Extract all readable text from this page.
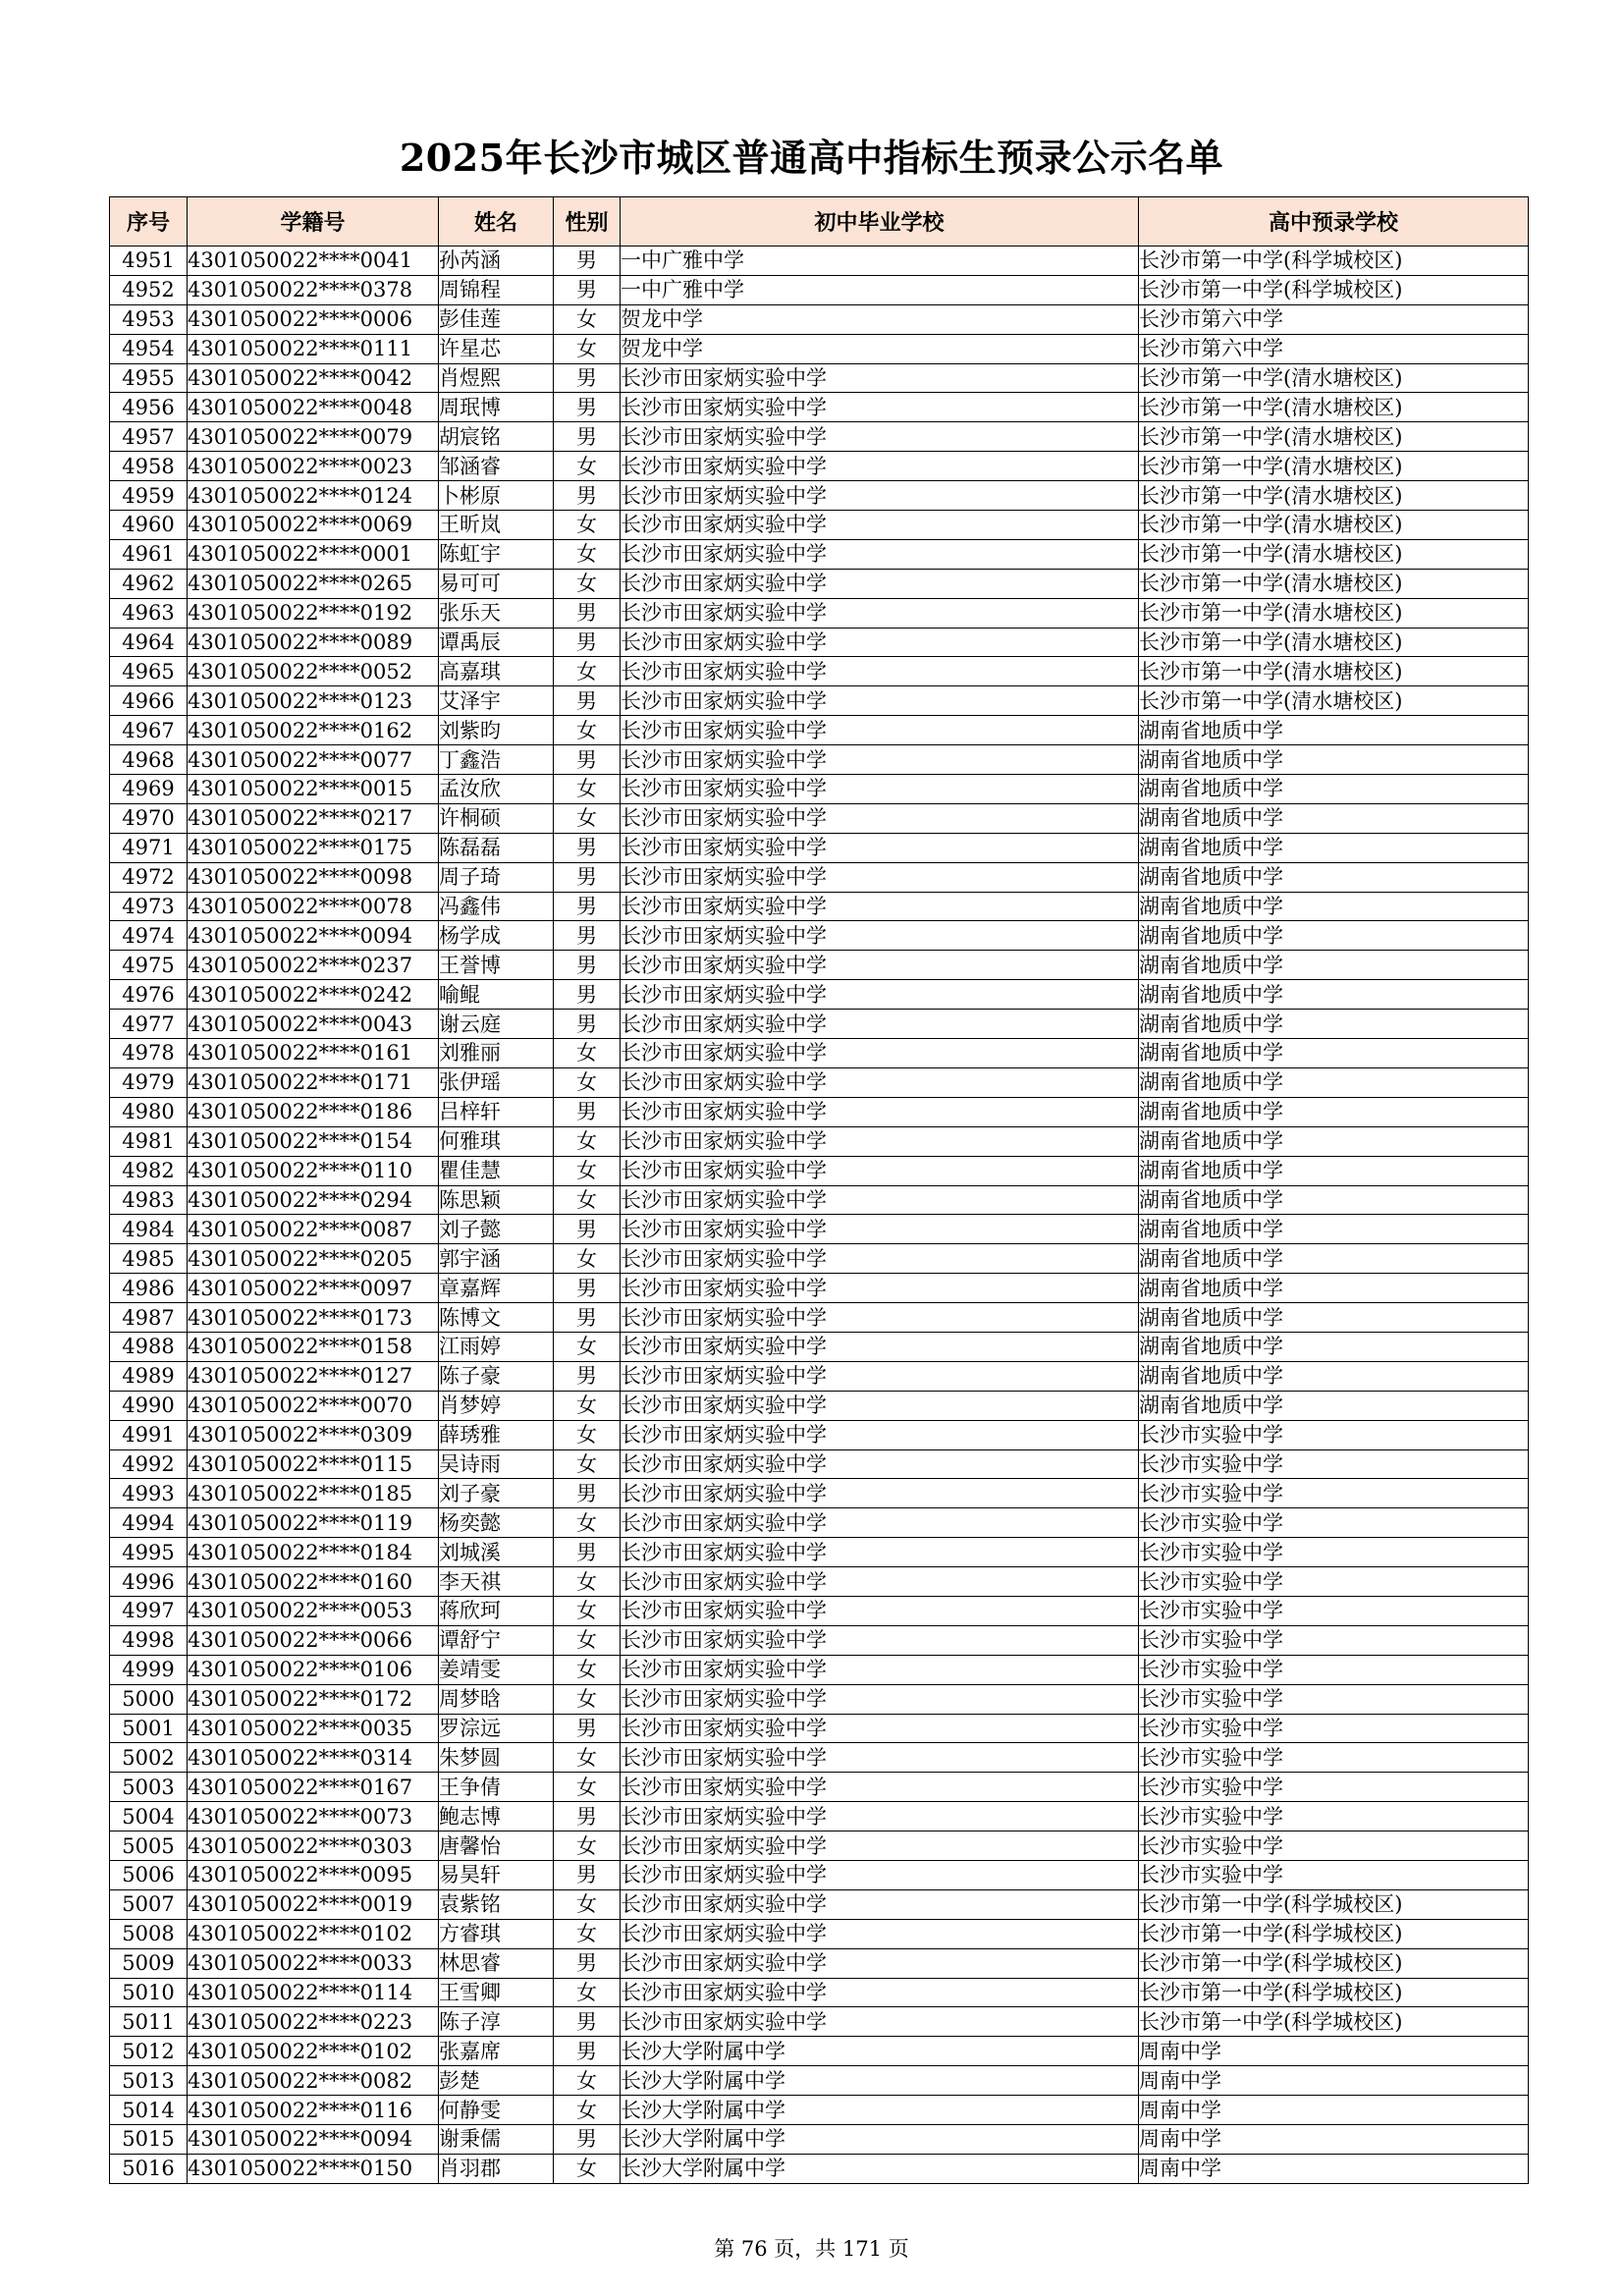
2025年长沙市城区普通高中指标生预录公示名单
序号	学籍号	姓名	性别	初中毕业学校	高中预录学校
4951	4301050022****0041	孙芮涵	男	一中广雅中学	长沙市第一中学(科学城校区)
4952	4301050022****0378	周锦程	男	一中广雅中学	长沙市第一中学(科学城校区)
4953	4301050022****0006	彭佳莲	女	贺龙中学	长沙市第六中学
4954	4301050022****0111	许星芯	女	贺龙中学	长沙市第六中学
4955	4301050022****0042	肖煜熙	男	长沙市田家炳实验中学	长沙市第一中学(清水塘校区)
4956	4301050022****0048	周珉博	男	长沙市田家炳实验中学	长沙市第一中学(清水塘校区)
4957	4301050022****0079	胡宸铭	男	长沙市田家炳实验中学	长沙市第一中学(清水塘校区)
4958	4301050022****0023	邹涵睿	女	长沙市田家炳实验中学	长沙市第一中学(清水塘校区)
4959	4301050022****0124	卜彬原	男	长沙市田家炳实验中学	长沙市第一中学(清水塘校区)
4960	4301050022****0069	王昕岚	女	长沙市田家炳实验中学	长沙市第一中学(清水塘校区)
4961	4301050022****0001	陈虹宇	女	长沙市田家炳实验中学	长沙市第一中学(清水塘校区)
4962	4301050022****0265	易可可	女	长沙市田家炳实验中学	长沙市第一中学(清水塘校区)
4963	4301050022****0192	张乐天	男	长沙市田家炳实验中学	长沙市第一中学(清水塘校区)
4964	4301050022****0089	谭禹辰	男	长沙市田家炳实验中学	长沙市第一中学(清水塘校区)
4965	4301050022****0052	高嘉琪	女	长沙市田家炳实验中学	长沙市第一中学(清水塘校区)
4966	4301050022****0123	艾泽宇	男	长沙市田家炳实验中学	长沙市第一中学(清水塘校区)
4967	4301050022****0162	刘紫昀	女	长沙市田家炳实验中学	湖南省地质中学
4968	4301050022****0077	丁鑫浩	男	长沙市田家炳实验中学	湖南省地质中学
4969	4301050022****0015	孟汝欣	女	长沙市田家炳实验中学	湖南省地质中学
4970	4301050022****0217	许桐硕	女	长沙市田家炳实验中学	湖南省地质中学
4971	4301050022****0175	陈磊磊	男	长沙市田家炳实验中学	湖南省地质中学
4972	4301050022****0098	周子琦	男	长沙市田家炳实验中学	湖南省地质中学
4973	4301050022****0078	冯鑫伟	男	长沙市田家炳实验中学	湖南省地质中学
4974	4301050022****0094	杨学成	男	长沙市田家炳实验中学	湖南省地质中学
4975	4301050022****0237	王誉博	男	长沙市田家炳实验中学	湖南省地质中学
4976	4301050022****0242	喻鲲	男	长沙市田家炳实验中学	湖南省地质中学
4977	4301050022****0043	谢云庭	男	长沙市田家炳实验中学	湖南省地质中学
4978	4301050022****0161	刘雅丽	女	长沙市田家炳实验中学	湖南省地质中学
4979	4301050022****0171	张伊瑶	女	长沙市田家炳实验中学	湖南省地质中学
4980	4301050022****0186	吕梓轩	男	长沙市田家炳实验中学	湖南省地质中学
4981	4301050022****0154	何雅琪	女	长沙市田家炳实验中学	湖南省地质中学
4982	4301050022****0110	瞿佳慧	女	长沙市田家炳实验中学	湖南省地质中学
4983	4301050022****0294	陈思颖	女	长沙市田家炳实验中学	湖南省地质中学
4984	4301050022****0087	刘子懿	男	长沙市田家炳实验中学	湖南省地质中学
4985	4301050022****0205	郭宇涵	女	长沙市田家炳实验中学	湖南省地质中学
4986	4301050022****0097	章嘉辉	男	长沙市田家炳实验中学	湖南省地质中学
4987	4301050022****0173	陈博文	男	长沙市田家炳实验中学	湖南省地质中学
4988	4301050022****0158	江雨婷	女	长沙市田家炳实验中学	湖南省地质中学
4989	4301050022****0127	陈子豪	男	长沙市田家炳实验中学	湖南省地质中学
4990	4301050022****0070	肖梦婷	女	长沙市田家炳实验中学	湖南省地质中学
4991	4301050022****0309	薛琇雅	女	长沙市田家炳实验中学	长沙市实验中学
4992	4301050022****0115	吴诗雨	女	长沙市田家炳实验中学	长沙市实验中学
4993	4301050022****0185	刘子豪	男	长沙市田家炳实验中学	长沙市实验中学
4994	4301050022****0119	杨奕懿	女	长沙市田家炳实验中学	长沙市实验中学
4995	4301050022****0184	刘城溪	男	长沙市田家炳实验中学	长沙市实验中学
4996	4301050022****0160	李天祺	女	长沙市田家炳实验中学	长沙市实验中学
4997	4301050022****0053	蒋欣珂	女	长沙市田家炳实验中学	长沙市实验中学
4998	4301050022****0066	谭舒宁	女	长沙市田家炳实验中学	长沙市实验中学
4999	4301050022****0106	姜靖雯	女	长沙市田家炳实验中学	长沙市实验中学
5000	4301050022****0172	周梦晗	女	长沙市田家炳实验中学	长沙市实验中学
5001	4301050022****0035	罗淙远	男	长沙市田家炳实验中学	长沙市实验中学
5002	4301050022****0314	朱梦圆	女	长沙市田家炳实验中学	长沙市实验中学
5003	4301050022****0167	王争倩	女	长沙市田家炳实验中学	长沙市实验中学
5004	4301050022****0073	鲍志博	男	长沙市田家炳实验中学	长沙市实验中学
5005	4301050022****0303	唐馨怡	女	长沙市田家炳实验中学	长沙市实验中学
5006	4301050022****0095	易昊轩	男	长沙市田家炳实验中学	长沙市实验中学
5007	4301050022****0019	袁紫铭	女	长沙市田家炳实验中学	长沙市第一中学(科学城校区)
5008	4301050022****0102	方睿琪	女	长沙市田家炳实验中学	长沙市第一中学(科学城校区)
5009	4301050022****0033	林思睿	男	长沙市田家炳实验中学	长沙市第一中学(科学城校区)
5010	4301050022****0114	王雪卿	女	长沙市田家炳实验中学	长沙市第一中学(科学城校区)
5011	4301050022****0223	陈子淳	男	长沙市田家炳实验中学	长沙市第一中学(科学城校区)
5012	4301050022****0102	张嘉席	男	长沙大学附属中学	周南中学
5013	4301050022****0082	彭楚	女	长沙大学附属中学	周南中学
5014	4301050022****0116	何静雯	女	长沙大学附属中学	周南中学
5015	4301050022****0094	谢秉儒	男	长沙大学附属中学	周南中学
5016	4301050022****0150	肖羽郡	女	长沙大学附属中学	周南中学
第 76 页，共 171 页
